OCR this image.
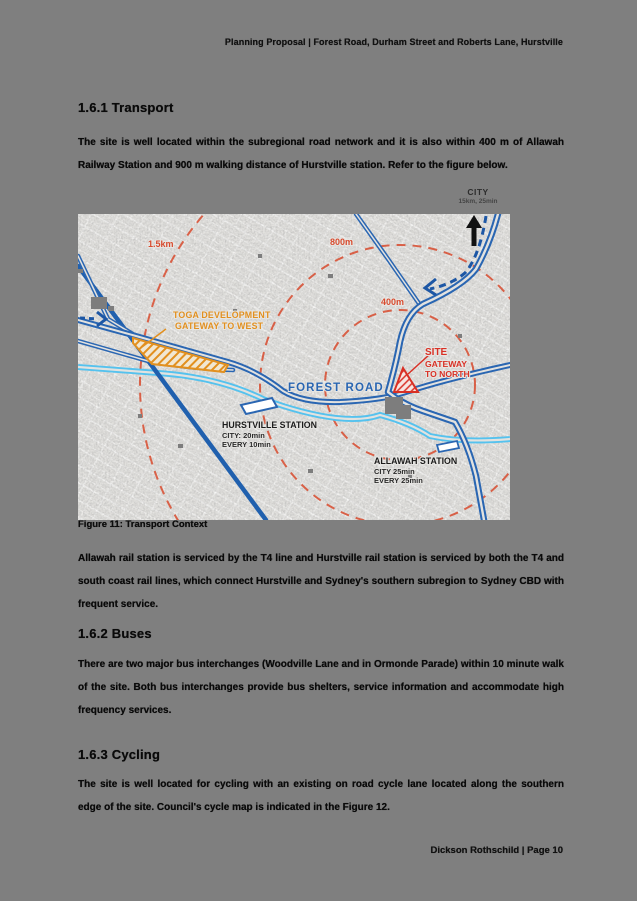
Planning Proposal | Forest Road, Durham Street and Roberts Lane, Hurstville
1.6.1 Transport

The site is well located within the subregional road network and it is also within 400 m of Allawah Railway Station and 900 m walking distance of Hurstville station. Refer to the figure below.

CITY
15km, 25min
1.5km	800m
400m
TOGA DEVELOPMENT
GATEWAY TO WEST
SITE
GATEWAY
TO NORTH
FOREST ROAD
HURSTVILLE STATION
CITY: 20min
EVERY 10min
ALLAWAH STATION
CITY 25min
EVERY 25min
Figure 11: Transport Context

Allawah rail station is serviced by the T4 line and Hurstville rail station is serviced by both the T4 and south coast rail lines, which connect Hurstville and Sydney's southern subregion to Sydney CBD with frequent service.

1.6.2 Buses

There are two major bus interchanges (Woodville Lane and in Ormonde Parade) within 10 minute walk of the site. Both bus interchanges provide bus shelters, service information and accommodate high frequency services.

1.6.3 Cycling

The site is well located for cycling with an existing on road cycle lane located along the southern edge of the site. Council's cycle map is indicated in the Figure 12.

Dickson Rothschild | Page 10
